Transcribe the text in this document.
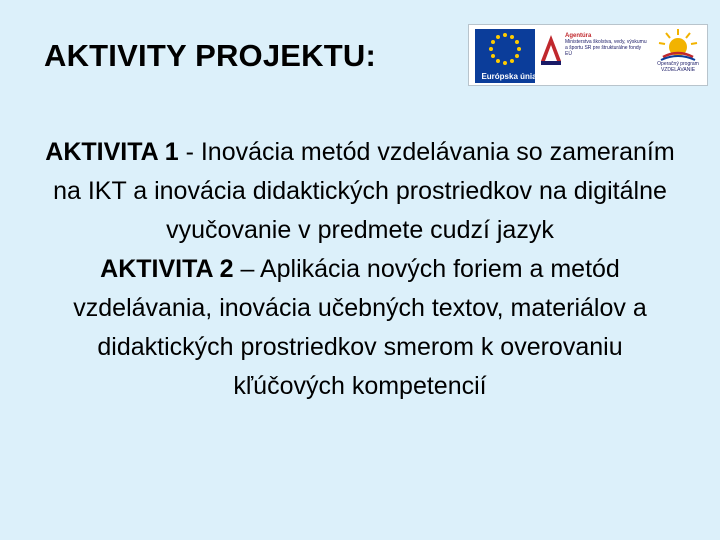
AKTIVITY PROJEKTU:
Európska únia
Agentúra
Ministerstva školstva, vedy, výskumu a športu SR pre štrukturálne fondy EÚ
Operačný program VZDELÁVANIE

AKTIVITA 1 - Inovácia metód vzdelávania so zameraním na IKT a inovácia didaktických prostriedkov na digitálne vyučovanie v predmete cudzí jazyk

AKTIVITA 2 – Aplikácia nových foriem a metód vzdelávania, inovácia učebných textov, materiálov a didaktických prostriedkov smerom k overovaniu kľúčových kompetencií
